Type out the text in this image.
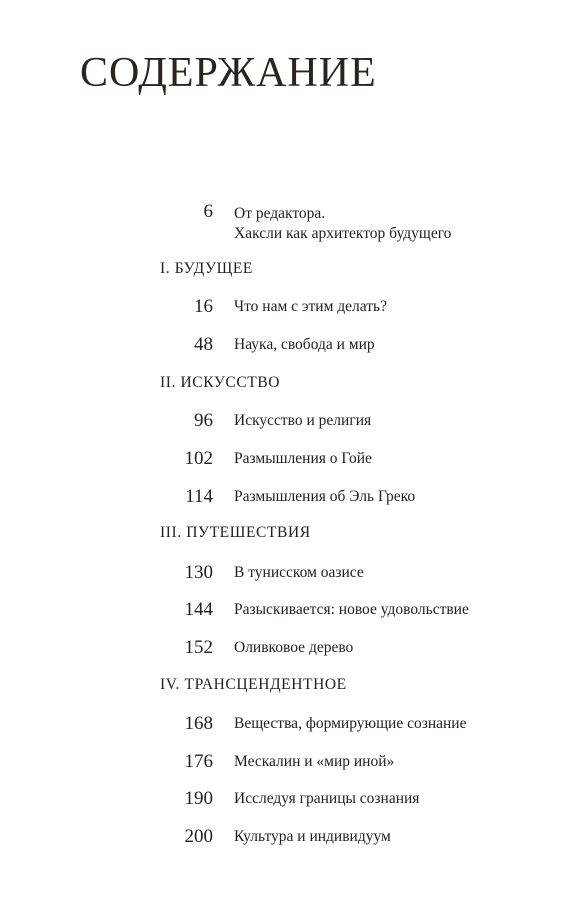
СОДЕРЖАНИЕ
6 От редактора.
Хаксли как архитектор будущего
I. БУДУЩЕЕ
16 Что нам с этим делать?
48 Наука, свобода и мир
II. ИСКУССТВО
96 Искусство и религия
102 Размышления о Гойе
114 Размышления об Эль Греко
III. ПУТЕШЕСТВИЯ
130 В тунисском оазисе
144 Разыскивается: новое удовольствие
152 Оливковое дерево
IV. ТРАНСЦЕНДЕНТНОЕ
168 Вещества, формирующие сознание
176 Мескалин и «мир иной»
190 Исследуя границы сознания
200 Культура и индивидуум
